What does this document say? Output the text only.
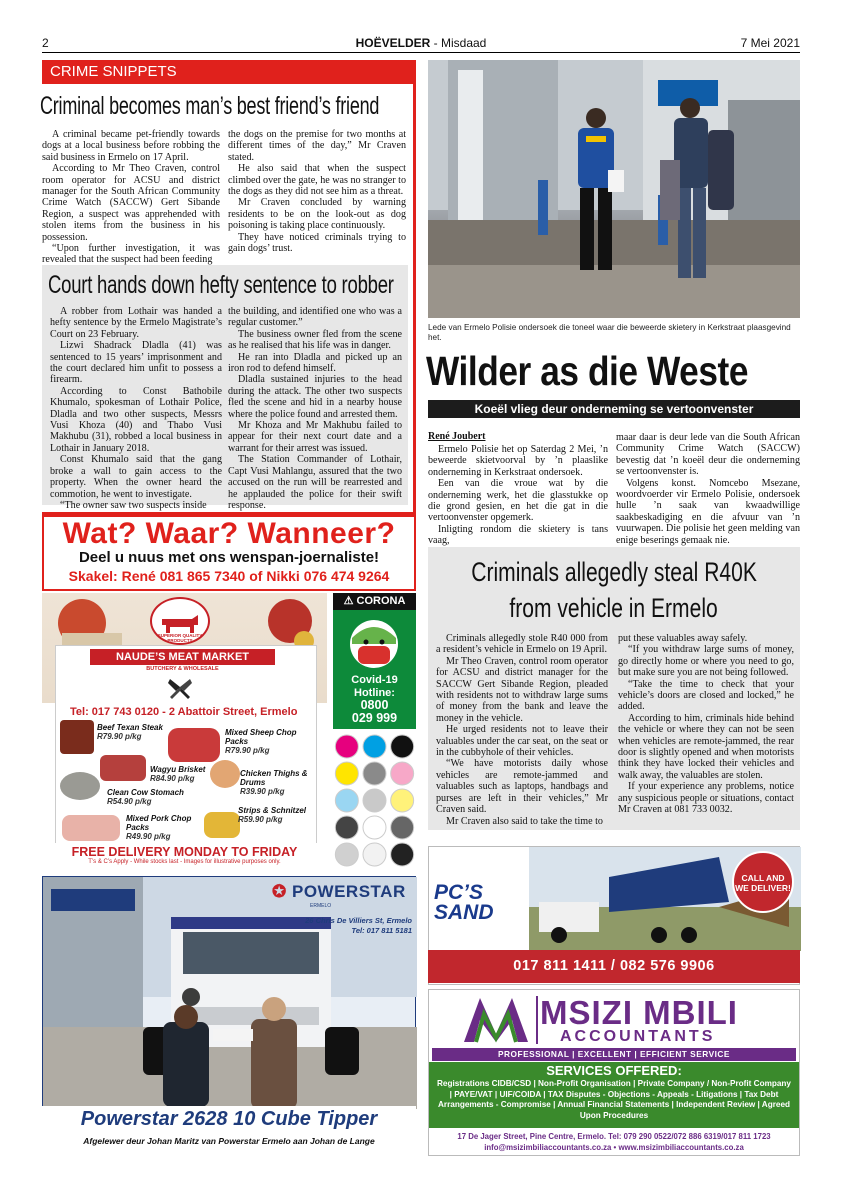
2	HOËVELDER - Misdaad	7 Mei 2021
CRIME SNIPPETS
Criminal becomes man’s best friend’s friend

A criminal became pet-friendly towards dogs at a local business before robbing the said business in Ermelo on 17 April.

According to Mr Theo Craven, control room operator for ACSU and district manager for the South African Community Crime Watch (SACCW) Gert Sibande Region, a suspect was apprehended with stolen items from the business in his possession.

“Upon further investigation, it was revealed that the suspect had been feeding

the dogs on the premise for two months at different times of the day,” Mr Craven stated.

He also said that when the suspect climbed over the gate, he was no stranger to the dogs as they did not see him as a threat.

Mr Craven concluded by warning residents to be on the look-out as dog poisoning is taking place continuously.

They have noticed criminals trying to gain dogs’ trust.

Court hands down hefty sentence to robber

A robber from Lothair was handed a hefty sentence by the Ermelo Magistrate’s Court on 23 February.

Lizwi Shadrack Dladla (41) was sentenced to 15 years’ imprisonment and the court declared him unfit to possess a firearm.

According to Const Bathobile Khumalo, spokesman of Lothair Police, Dladla and two other suspects, Messrs Vusi Khoza (40) and Thabo Vusi Makhubu (31), robbed a local business in Lothair in January 2018.

Const Khumalo said that the gang broke a wall to gain access to the property. When the owner heard the commotion, he went to investigate.

“The owner saw two suspects inside

the building, and identified one who was a regular customer.”

The business owner fled from the scene as he realised that his life was in danger.

He ran into Dladla and picked up an iron rod to defend himself.

Dladla sustained injuries to the head during the attack. The other two suspects fled the scene and hid in a nearby house where the police found and arrested them.

Mr Khoza and Mr Makhubu failed to appear for their next court date and a warrant for their arrest was issued.

The Station Commander of Lothair, Capt Vusi Mahlangu, assured that the two accused on the run will be rearrested and he applauded the police for their swift response.

Lede van Ermelo Polisie ondersoek die toneel waar die beweerde skietery in Kerkstraat plaasgevind het.
Wilder as die Weste
Koeël vlieg deur onderneming se vertoonvenster
René Joubert

Ermelo Polisie het op Saterdag 2 Mei, ’n beweerde skietvoorval by ’n plaaslike onderneming in Kerkstraat ondersoek.

Een van die vroue wat by die onderneming werk, het die glasstukke op die grond gesien, en het die gat in die vertoonvenster opgemerk.

Inligting rondom die skietery is tans vaag,

maar daar is deur lede van die South African Community Crime Watch (SACCW) bevestig dat ’n koeël deur die onderneming se vertoonvenster is.

Volgens konst. Nomcebo Msezane, woordvoerder vir Ermelo Polisie, ondersoek hulle ’n saak van kwaadwillige saakbeskadiging en die afvuur van ’n vuurwapen. Die polisie het geen melding van enige beserings gemaak nie.

Criminals allegedly steal R40K
from vehicle in Ermelo

Criminals allegedly stole R40 000 from a resident’s vehicle in Ermelo on 19 April.

Mr Theo Craven, control room operator for ACSU and district manager for the SACCW Gert Sibande Region, pleaded with residents not to withdraw large sums of money from the bank and leave the money in the vehicle.

He urged residents not to leave their valuables under the car seat, on the seat or in the cubbyhole of their vehicles.

“We have motorists daily whose vehicles are remote-jammed and valuables such as laptops, handbags and purses are left in their vehicles,” Mr Craven said.

Mr Craven also said to take the time to

put these valuables away safely.

“If you withdraw large sums of money, go directly home or where you need to go, but make sure you are not being followed.

“Take the time to check that your vehicle’s doors are closed and locked,” he added.

According to him, criminals hide behind the vehicle or where they can not be seen when vehicles are remote-jammed, the rear door is slightly opened and when motorists think they have locked their vehicles and walk away, the valuables are stolen.

If your experience any problems, notice any suspicious people or situations, contact Mr Craven at 081 733 0032.

Wat? Waar? Wanneer?
Deel u nuus met ons wenspan-joernaliste!
Skakel: René 081 865 7340 of Nikki 076 474 9264
SUPERIOR QUALITY PRODUCTS
NAUDE’S MEAT MARKET
BUTCHERY & WHOLESALE
Tel: 017 743 0120 - 2 Abattoir Street, Ermelo
Beef Texan Steak
R79.90 p/kg	Mixed Sheep Chop Packs
R79.90 p/kg
Wagyu Brisket
R84.90 p/kg
Chicken Thighs & Drums
R39.90 p/kg
Clean Cow Stomach
R54.90 p/kg
Mixed Pork Chop Packs
R49.90 p/kg
Strips & Schnitzel
R59.90 p/kg
FREE DELIVERY MONDAY TO FRIDAY
T’s & C’s Apply - While stocks last - Images for illustrative purposes only.
⚠ CORONA
Covid-19
Hotline:
0800
029 999
✪ POWERSTAR
ERMELO
26 Chris De Villiers St, Ermelo
Tel: 017 811 5181
Powerstar 2628 10 Cube Tipper
Afgelewer deur Johan Maritz van Powerstar Ermelo aan Johan de Lange
PC’S
SAND
CALL AND WE DELIVER!
017 811 1411 / 082 576 9906
MSIZI MBILI
ACCOUNTANTS
PROFESSIONAL | EXCELLENT | EFFICIENT SERVICE
SERVICES OFFERED:
Registrations CIDB/CSD | Non-Profit Organisation | Private Company / Non-Profit Company | PAYE/VAT | UIF/COIDA | TAX Disputes - Objections - Appeals - Litigations | Tax Debt Arrangements - Compromise | Annual Financial Statements | Independent Review | Agreed Upon Procedures
17 De Jager Street, Pine Centre, Ermelo. Tel: 079 290 0522/072 886 6319/017 811 1723
info@msizimbiliaccountants.co.za • www.msizimbiliaccountants.co.za
